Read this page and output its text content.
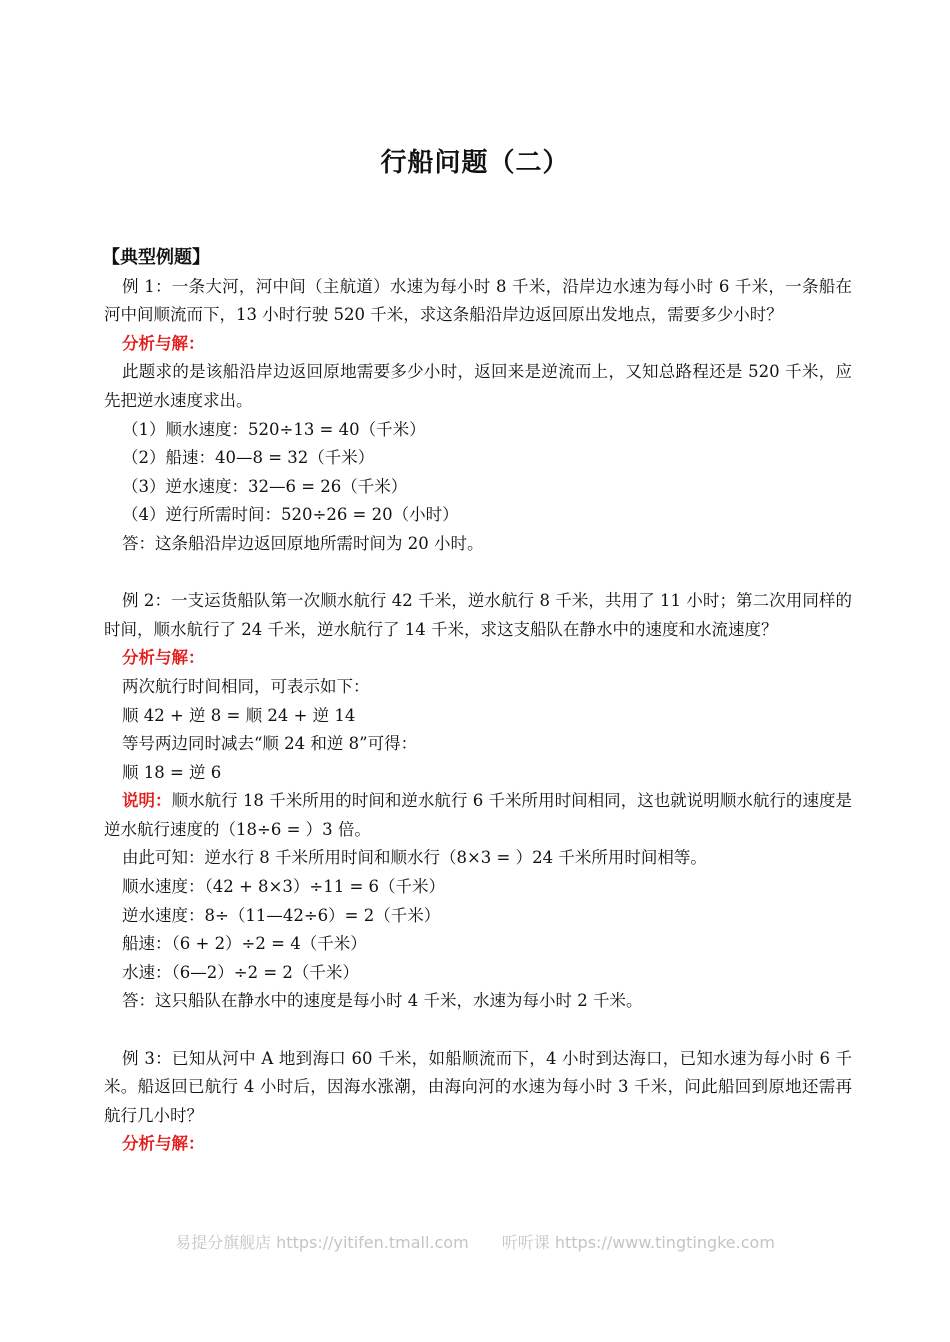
行船问题（二）

【典型例题】

例 1：一条大河，河中间（主航道）水速为每小时 8 千米，沿岸边水速为每小时 6 千米，一条船在河中间顺流而下，13 小时行驶 520 千米，求这条船沿岸边返回原出发地点，需要多少小时？

分析与解：

此题求的是该船沿岸边返回原地需要多少小时，返回来是逆流而上，又知总路程还是 520 千米，应先把逆水速度求出。

（1）顺水速度：520÷13 = 40（千米）

（2）船速：40—8 = 32（千米）

（3）逆水速度：32—6 = 26（千米）

（4）逆行所需时间：520÷26 = 20（小时）

答：这条船沿岸边返回原地所需时间为 20 小时。

例 2：一支运货船队第一次顺水航行 42 千米，逆水航行 8 千米，共用了 11 小时；第二次用同样的时间，顺水航行了 24 千米，逆水航行了 14 千米，求这支船队在静水中的速度和水流速度？

分析与解：

两次航行时间相同，可表示如下：

顺 42 + 逆 8 = 顺 24 + 逆 14

等号两边同时减去“顺 24 和逆 8”可得：

顺 18 = 逆 6

说明：顺水航行 18 千米所用的时间和逆水航行 6 千米所用时间相同，这也就说明顺水航行的速度是逆水航行速度的（18÷6 = ）3 倍。

由此可知：逆水行 8 千米所用时间和顺水行（8×3 = ）24 千米所用时间相等。

顺水速度：（42 + 8×3）÷11 = 6（千米）

逆水速度：8÷（11—42÷6）= 2（千米）

船速：（6 + 2）÷2 = 4（千米）

水速：（6—2）÷2 = 2（千米）

答：这只船队在静水中的速度是每小时 4 千米，水速为每小时 2 千米。

例 3：已知从河中 A 地到海口 60 千米，如船顺流而下，4 小时到达海口，已知水速为每小时 6 千米。船返回已航行 4 小时后，因海水涨潮，由海向河的水速为每小时 3 千米，问此船回到原地还需再航行几小时？

分析与解：

易提分旗舰店 https://yitifen.tmall.com 听听课 https://www.tingtingke.com
